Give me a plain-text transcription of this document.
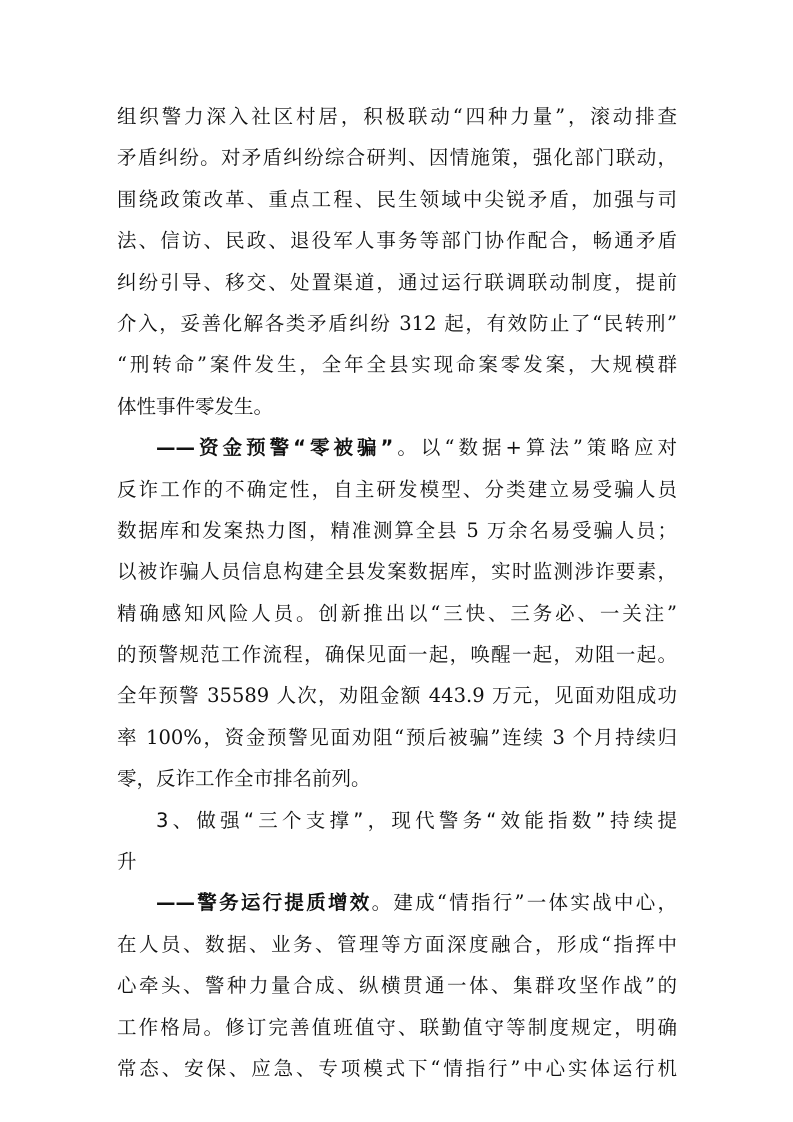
组织警力深入社区村居，积极联动“四种力量”，滚动排查
矛盾纠纷。对矛盾纠纷综合研判、因情施策，强化部门联动，
围绕政策改革、重点工程、民生领域中尖锐矛盾，加强与司
法、信访、民政、退役军人事务等部门协作配合，畅通矛盾
纠纷引导、移交、处置渠道，通过运行联调联动制度，提前
介入，妥善化解各类矛盾纠纷 312 起，有效防止了“民转刑”
“刑转命”案件发生，全年全县实现命案零发案，大规模群
体性事件零发生。
——资金预警“零被骗”。以“数据+算法”策略应对
反诈工作的不确定性，自主研发模型、分类建立易受骗人员
数据库和发案热力图，精准测算全县 5 万余名易受骗人员；
以被诈骗人员信息构建全县发案数据库，实时监测涉诈要素，
精确感知风险人员。创新推出以“三快、三务必、一关注”
的预警规范工作流程，确保见面一起，唤醒一起，劝阻一起。
全年预警 35589 人次，劝阻金额 443.9 万元，见面劝阻成功
率 100%，资金预警见面劝阻“预后被骗”连续 3 个月持续归
零，反诈工作全市排名前列。
3、做强“三个支撑”，现代警务“效能指数”持续提
升
——警务运行提质增效。建成“情指行”一体实战中心，
在人员、数据、业务、管理等方面深度融合，形成“指挥中
心牵头、警种力量合成、纵横贯通一体、集群攻坚作战”的
工作格局。修订完善值班值守、联勤值守等制度规定，明确
常态、安保、应急、专项模式下“情指行”中心实体运行机
